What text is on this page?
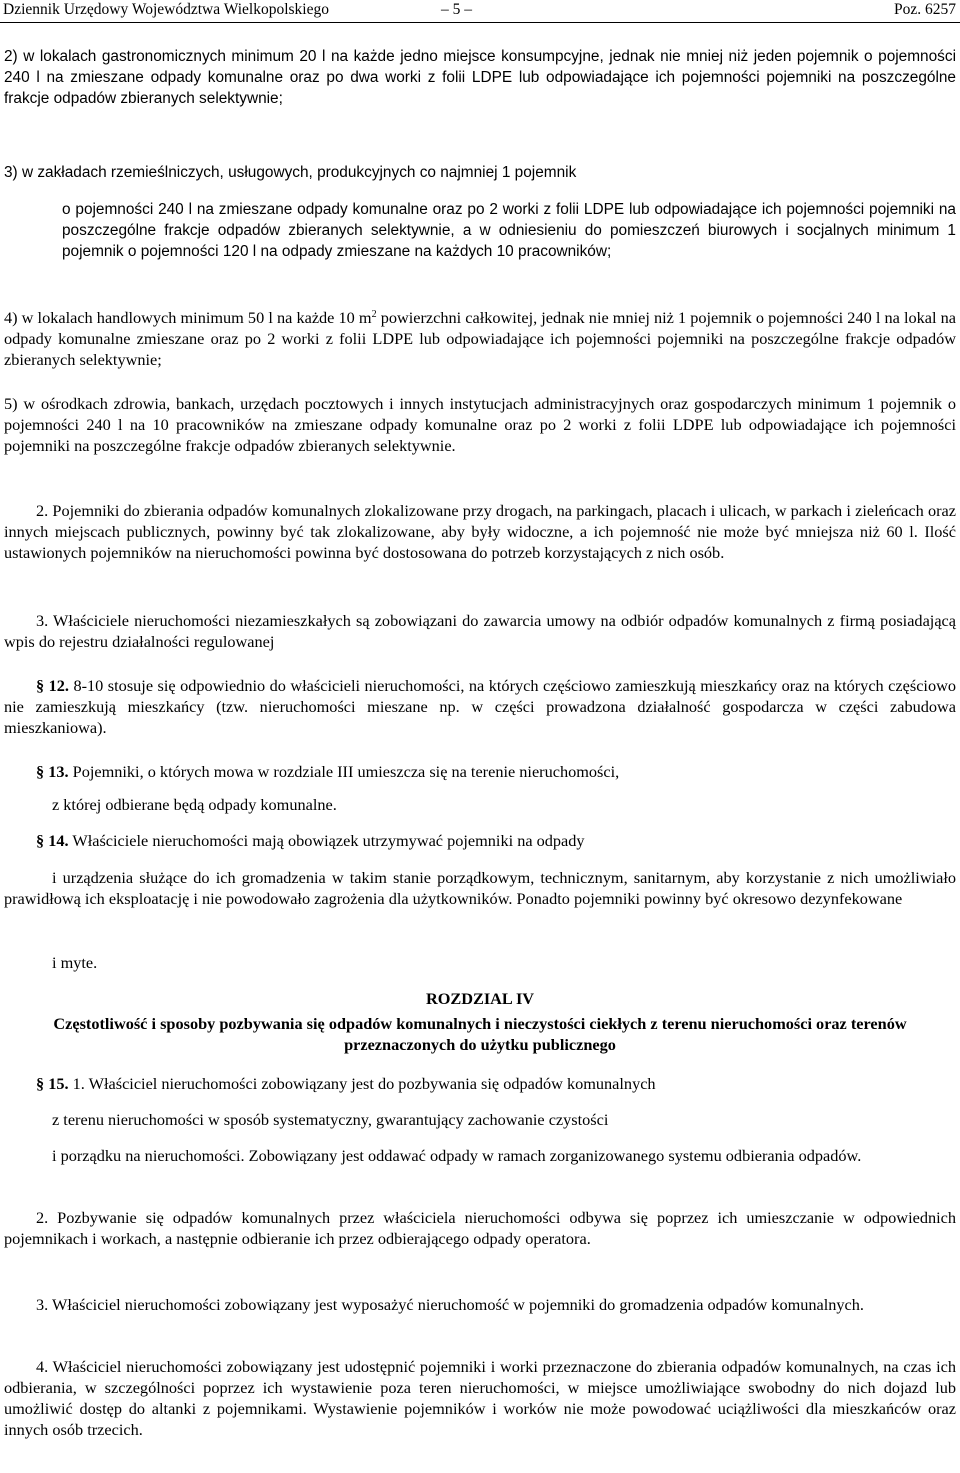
Dziennik Urzędowy Województwa Wielkopolskiego	– 5 –	Poz. 6257

2) w lokalach gastronomicznych minimum 20 l na każde jedno miejsce konsumpcyjne, jednak nie mniej niż jeden pojemnik o pojemności 240 l na zmieszane odpady komunalne oraz po dwa worki z folii LDPE lub odpowiadające ich pojemności pojemniki na poszczególne frakcje odpadów zbieranych selektywnie;

3) w zakładach rzemieślniczych, usługowych, produkcyjnych co najmniej 1 pojemnik

o pojemności 240 l na zmieszane odpady komunalne oraz po 2 worki z folii LDPE lub odpowiadające ich pojemności pojemniki na poszczególne frakcje odpadów zbieranych selektywnie, a w odniesieniu do pomieszczeń biurowych i socjalnych minimum 1 pojemnik o pojemności 120 l na odpady zmieszane na każdych 10 pracowników;

4) w lokalach handlowych minimum 50 l na każde 10 $m^2$ powierzchni całkowitej, jednak nie mniej niż 1 pojemnik o pojemności 240 l na lokal na odpady komunalne zmieszane oraz po 2 worki z folii LDPE lub odpowiadające ich pojemności pojemniki na poszczególne frakcje odpadów zbieranych selektywnie;

5) w ośrodkach zdrowia, bankach, urzędach pocztowych i innych instytucjach administracyjnych oraz gospodarczych minimum 1 pojemnik o pojemności 240 l na 10 pracowników na zmieszane odpady komunalne oraz po 2 worki z folii LDPE lub odpowiadające ich pojemności pojemniki na poszczególne frakcje odpadów zbieranych selektywnie.

2. Pojemniki do zbierania odpadów komunalnych zlokalizowane przy drogach, na parkingach, placach i ulicach, w parkach i zieleńcach oraz innych miejscach publicznych, powinny być tak zlokalizowane, aby były widoczne, a ich pojemność nie może być mniejsza niż 60 l. Ilość ustawionych pojemników na nieruchomości powinna być dostosowana do potrzeb korzystających z nich osób.

3. Właściciele nieruchomości niezamieszkałych są zobowiązani do zawarcia umowy na odbiór odpadów komunalnych z firmą posiadającą wpis do rejestru działalności regulowanej

§ 12. 8-10 stosuje się odpowiednio do właścicieli nieruchomości, na których częściowo zamieszkują mieszkańcy oraz na których częściowo nie zamieszkują mieszkańcy (tzw. nieruchomości mieszane np. w części prowadzona działalność gospodarcza w części zabudowa mieszkaniowa).

§ 13. Pojemniki, o których mowa w rozdziale III umieszcza się na terenie nieruchomości,

z której odbierane będą odpady komunalne.

§ 14. Właściciele nieruchomości mają obowiązek utrzymywać pojemniki na odpady

i urządzenia służące do ich gromadzenia w takim stanie porządkowym, technicznym, sanitarnym, aby korzystanie z nich umożliwiało prawidłową ich eksploatację i nie powodowało zagrożenia dla użytkowników. Ponadto pojemniki powinny być okresowo dezynfekowane

i myte.

ROZDZIAL IV

Częstotliwość i sposoby pozbywania się odpadów komunalnych i nieczystości ciekłych z terenu nieruchomości oraz terenów przeznaczonych do użytku publicznego

§ 15. 1. Właściciel nieruchomości zobowiązany jest do pozbywania się odpadów komunalnych

z terenu nieruchomości w sposób systematyczny, gwarantujący zachowanie czystości

i porządku na nieruchomości. Zobowiązany jest oddawać odpady w ramach zorganizowanego systemu odbierania odpadów.

2. Pozbywanie się odpadów komunalnych przez właściciela nieruchomości odbywa się poprzez ich umieszczanie w odpowiednich pojemnikach i workach, a następnie odbieranie ich przez odbierającego odpady operatora.

3. Właściciel nieruchomości zobowiązany jest wyposażyć nieruchomość w pojemniki do gromadzenia odpadów komunalnych.

4. Właściciel nieruchomości zobowiązany jest udostępnić pojemniki i worki przeznaczone do zbierania odpadów komunalnych, na czas ich odbierania, w szczególności poprzez ich wystawienie poza teren nieruchomości, w miejsce umożliwiające swobodny do nich dojazd lub umożliwić dostęp do altanki z pojemnikami. Wystawienie pojemników i worków nie może powodować uciążliwości dla mieszkańców oraz innych osób trzecich.
